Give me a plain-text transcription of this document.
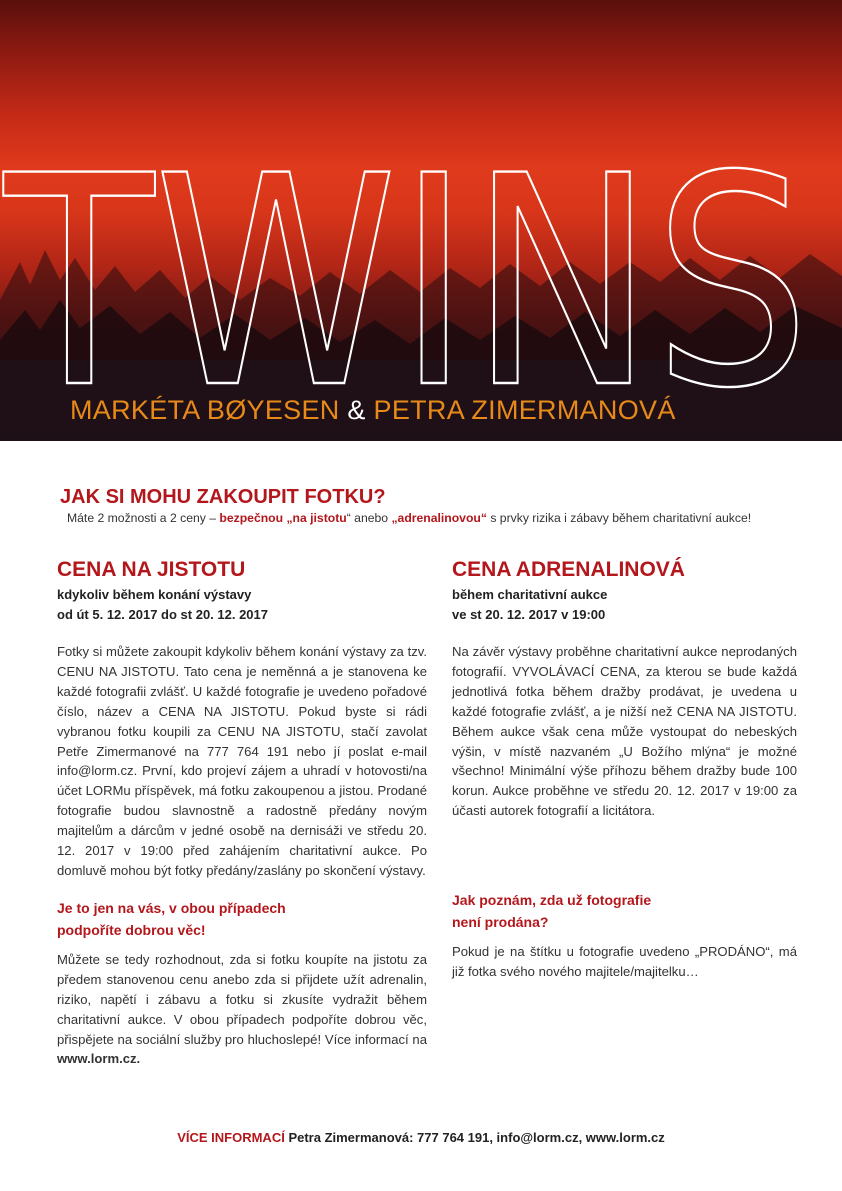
TWINS
MARKÉTA BØYESEN & PETRA ZIMERMANOVÁ
JAK SI MOHU ZAKOUPIT FOTKU?
Máte 2 možnosti a 2 ceny – bezpečnou „na jistotu“ anebo „adrenalinovou“ s prvky rizika i zábavy během charitativní aukce!
CENA NA JISTOTU
kdykoliv během konání výstavy
od út 5. 12. 2017 do st 20. 12. 2017

Fotky si můžete zakoupit kdykoliv během konání výstavy za tzv. CENU NA JISTOTU. Tato cena je neměnná a je stanovena ke každé fotografii zvlášť. U každé fotografie je uvedeno pořadové číslo, název a CENA NA JISTOTU. Pokud byste si rádi vybranou fotku koupili za CENU NA JISTOTU, stačí zavolat Petře Zimermanové na 777 764 191 nebo jí poslat e-mail info@lorm.cz. První, kdo projeví zájem a uhradí v hotovosti/na účet LORMu příspěvek, má fotku zakoupenou a jistou. Prodané fotografie budou slavnostně a radostně předány novým majitelům a dárcům v jedné osobě na dernisáži ve středu 20. 12. 2017 v 19:00 před zahájením charitativní aukce. Po domluvě mohou být fotky předány/zaslány po skončení výstavy.

Je to jen na vás, v obou případech
podpoříte dobrou věc!

Můžete se tedy rozhodnout, zda si fotku koupíte na jistotu za předem stanovenou cenu anebo zda si přijdete užít adrenalin, riziko, napětí i zábavu a fotku si zkusíte vydražit během charitativní aukce. V obou případech podpoříte dobrou věc, přispějete na sociální služby pro hluchoslepé! Více informací na www.lorm.cz.

CENA ADRENALINOVÁ
během charitativní aukce
ve st 20. 12. 2017 v 19:00

Na závěr výstavy proběhne charitativní aukce neprodaných fotografií. VYVOLÁVACÍ CENA, za kterou se bude každá jednotlivá fotka během dražby prodávat, je uvedena u každé fotografie zvlášť, a je nižší než CENA NA JISTOTU. Během aukce však cena může vystoupat do nebeských výšin, v místě nazvaném „U Božího mlýna“ je možné všechno! Minimální výše příhozu během dražby bude 100 korun. Aukce proběhne ve středu 20. 12. 2017 v 19:00 za účasti autorek fotografií a licitátora.

Jak poznám, zda už fotografie
není prodána?

Pokud je na štítku u fotografie uvedeno „PRODÁNO“, má již fotka svého nového majitele/majitelku…

VÍCE INFORMACÍ Petra Zimermanová: 777 764 191, info@lorm.cz, www.lorm.cz
